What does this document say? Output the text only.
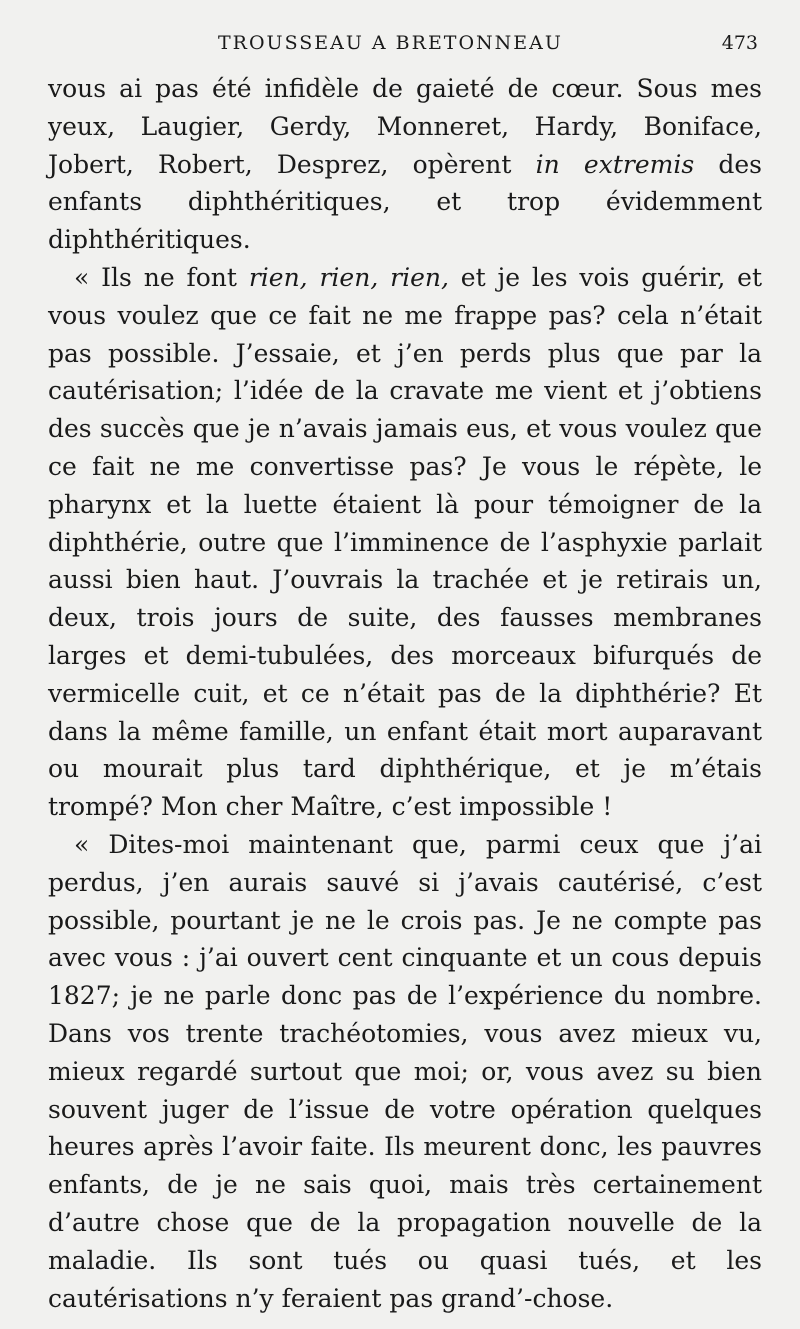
TROUSSEAU A BRETONNEAU	473

vous ai pas été infidèle de gaieté de cœur. Sous mes yeux, Laugier, Gerdy, Monneret, Hardy, Boniface, Jobert, Robert, Desprez, opèrent in extremis des enfants diphthéritiques, et trop évidemment diphthéritiques.

« Ils ne font rien, rien, rien, et je les vois guérir, et vous voulez que ce fait ne me frappe pas? cela n’était pas possible. J’essaie, et j’en perds plus que par la cautérisation; l’idée de la cravate me vient et j’obtiens des succès que je n’avais jamais eus, et vous voulez que ce fait ne me convertisse pas? Je vous le répète, le pharynx et la luette étaient là pour témoigner de la diphthérie, outre que l’imminence de l’asphyxie parlait aussi bien haut. J’ouvrais la trachée et je retirais un, deux, trois jours de suite, des fausses membranes larges et demi-tubulées, des morceaux bifurqués de vermicelle cuit, et ce n’était pas de la diphthérie? Et dans la même famille, un enfant était mort auparavant ou mourait plus tard diphthérique, et je m’étais trompé? Mon cher Maître, c’est impossible !

« Dites-moi maintenant que, parmi ceux que j’ai perdus, j’en aurais sauvé si j’avais cautérisé, c’est possible, pourtant je ne le crois pas. Je ne compte pas avec vous : j’ai ouvert cent cinquante et un cous depuis 1827; je ne parle donc pas de l’expérience du nombre. Dans vos trente trachéotomies, vous avez mieux vu, mieux regardé surtout que moi; or, vous avez su bien souvent juger de l’issue de votre opération quelques heures après l’avoir faite. Ils meurent donc, les pauvres enfants, de je ne sais quoi, mais très certainement d’autre chose que de la propagation nouvelle de la maladie. Ils sont tués ou quasi tués, et les cautérisations n’y feraient pas grand’-chose.
